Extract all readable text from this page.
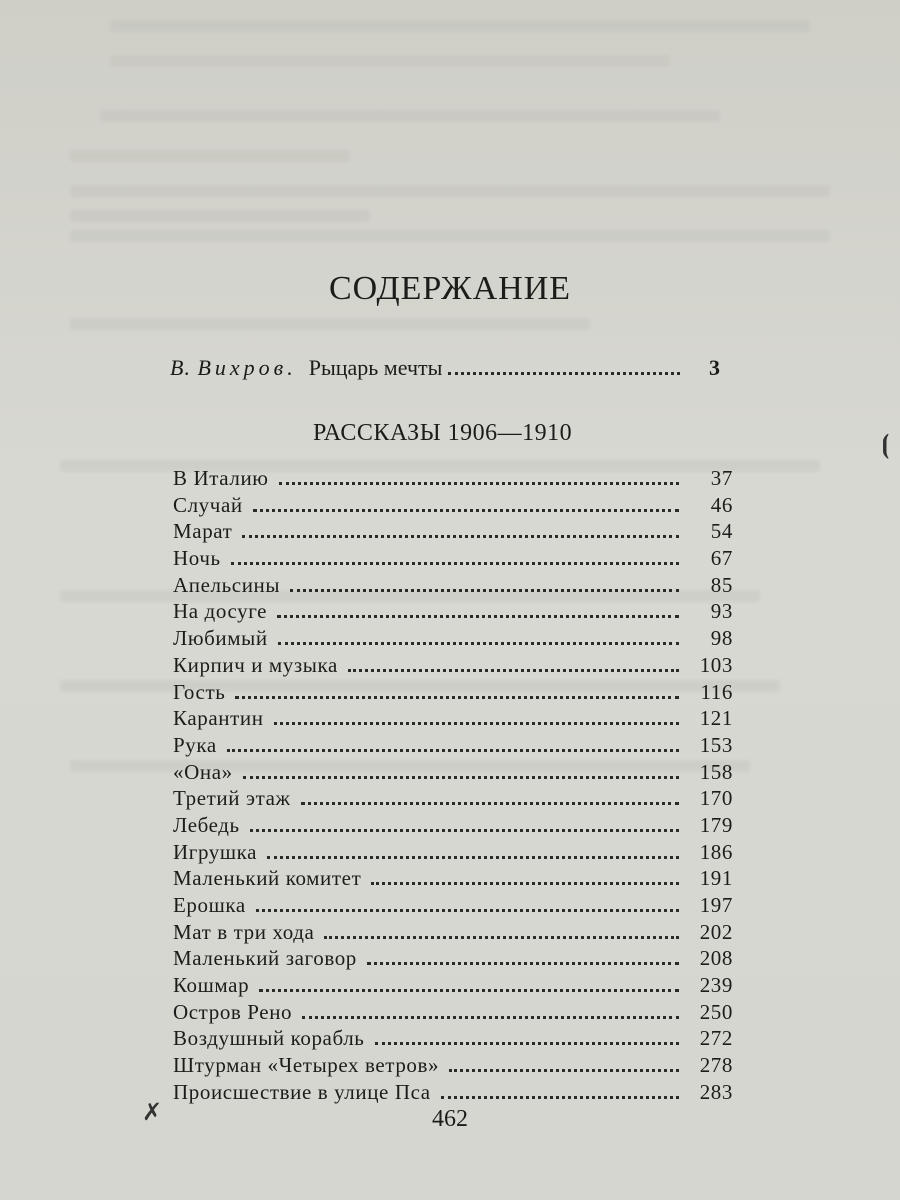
СОДЕРЖАНИЕ
В. Вихров. Рыцарь мечты	3
РАССКАЗЫ 1906—1910
В Италию	37
Случай	46
Марат	54
Ночь	67
Апельсины	85
На досуге	93
Любимый	98
Кирпич и музыка	103
Гость	116
Карантин	121
Рука	153
«Она»	158
Третий этаж	170
Лебедь	179
Игрушка	186
Маленький комитет	191
Ерошка	197
Мат в три хода	202
Маленький заговор	208
Кошмар	239
Остров Рено	250
Воздушный корабль	272
Штурман «Четырех ветров»	278
Происшествие в улице Пса	283
✗
⦗
462
